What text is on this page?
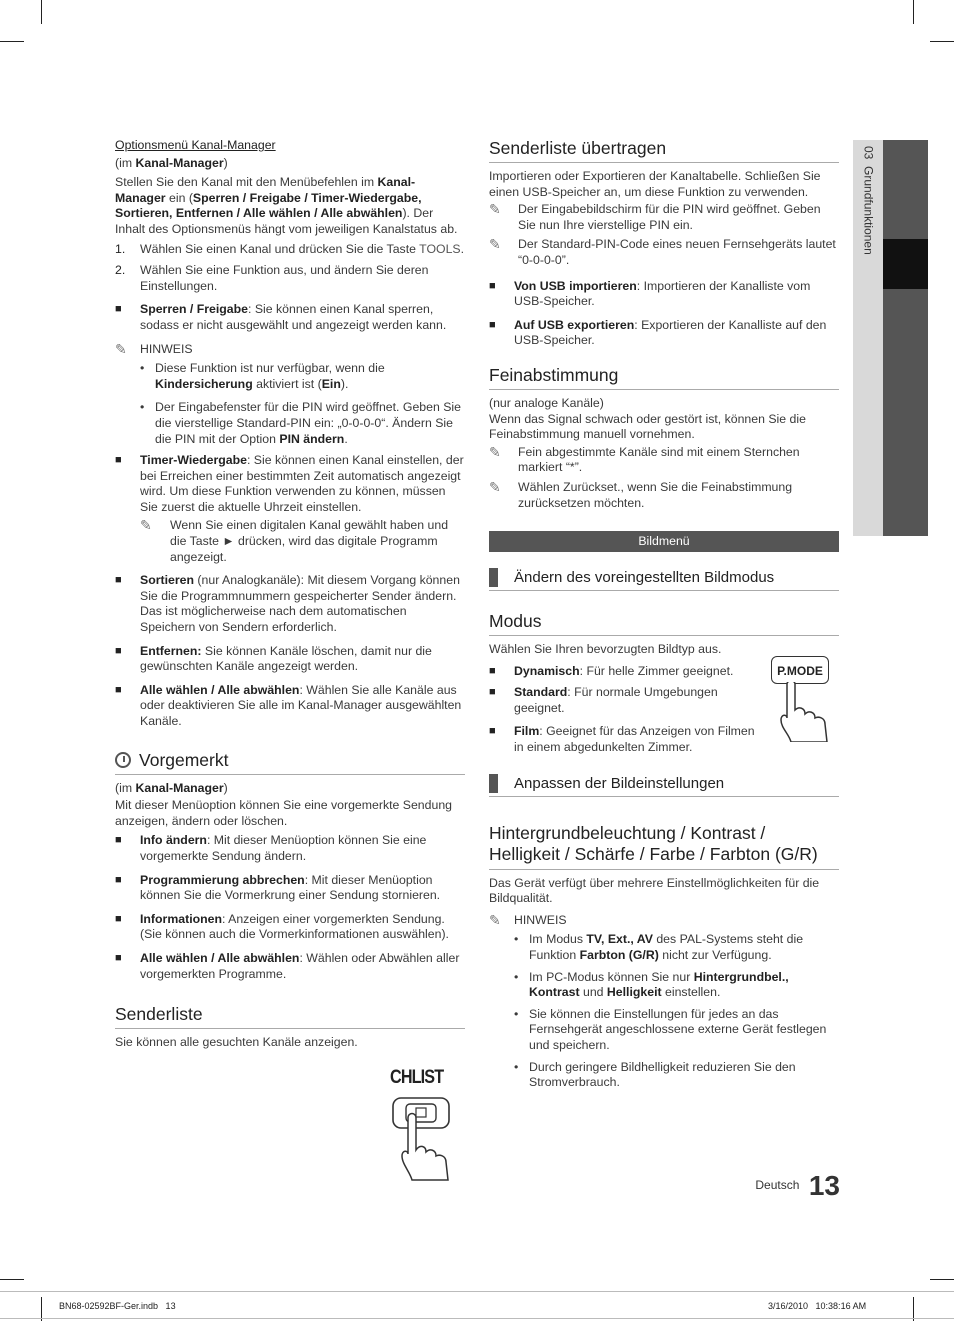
03  Grundfunktionen

Optionsmenü Kanal-Manager

(im Kanal-Manager)

Stellen Sie den Kanal mit den Menübefehlen im Kanal-Manager ein (Sperren / Freigabe / Timer-Wiedergabe, Sortieren, Entfernen / Alle wählen / Alle abwählen). Der Inhalt des Optionsmenüs hängt vom jeweiligen Kanalstatus ab.

1.	Wählen Sie einen Kanal und drücken Sie die Taste TOOLS.
2.	Wählen Sie eine Funktion aus, und ändern Sie deren Einstellungen.
■	Sperren / Freigabe: Sie können einen Kanal sperren, sodass er nicht ausgewählt und angezeigt werden kann.
✎	HINWEIS
• Diese Funktion ist nur verfügbar, wenn die Kindersicherung aktiviert ist (Ein).
• Der Eingabefenster für die PIN wird geöffnet. Geben Sie die vierstellige Standard-PIN ein: „0-0-0-0“. Ändern Sie die PIN mit der Option PIN ändern.
■	Timer-Wiedergabe: Sie können einen Kanal einstellen, der bei Erreichen einer bestimmten Zeit automatisch angezeigt wird. Um diese Funktion verwenden zu können, müssen Sie zuerst die aktuelle Uhrzeit einstellen.
✎	Wenn Sie einen digitalen Kanal gewählt haben und die Taste ► drücken, wird das digitale Programm angezeigt.
■	Sortieren (nur Analogkanäle): Mit diesem Vorgang können Sie die Programmnummern gespeicherter Sender ändern. Das ist möglicherweise nach dem automatischen Speichern von Sendern erforderlich.
■	Entfernen: Sie können Kanäle löschen, damit nur die gewünschten Kanäle angezeigt werden.
■	Alle wählen / Alle abwählen: Wählen Sie alle Kanäle aus oder deaktivieren Sie alle im Kanal-Manager ausgewählten Kanäle.
Vorgemerkt

(im Kanal-Manager)

Mit dieser Menüoption können Sie eine vorgemerkte Sendung anzeigen, ändern oder löschen.

■	Info ändern: Mit dieser Menüoption können Sie eine vorgemerkte Sendung ändern.
■	Programmierung abbrechen: Mit dieser Menüoption können Sie die Vormerkrung einer Sendung stornieren.
■	Informationen: Anzeigen einer vorgemerkten Sendung. (Sie können auch die Vormerkinformationen auswählen).
■	Alle wählen / Alle abwählen: Wählen oder Abwählen aller vorgemerkten Programme.
Senderliste

Sie können alle gesuchten Kanäle anzeigen.

CHLIST
Senderliste übertragen

Importieren oder Exportieren der Kanaltabelle. Schließen Sie einen USB-Speicher an, um diese Funktion zu verwenden.

✎	Der Eingabebildschirm für die PIN wird geöffnet. Geben Sie nun Ihre vierstellige PIN ein.
✎	Der Standard-PIN-Code eines neuen Fernsehgeräts lautet “0-0-0-0”.
■	Von USB importieren: Importieren der Kanalliste vom USB-Speicher.
■	Auf USB exportieren: Exportieren der Kanalliste auf den USB-Speicher.
Feinabstimmung

(nur analoge Kanäle)

Wenn das Signal schwach oder gestört ist, können Sie die Feinabstimmung manuell vornehmen.

✎	Fein abgestimmte Kanäle sind mit einem Sternchen markiert “*”.
✎	Wählen Zurückset., wenn Sie die Feinabstimmung zurücksetzen möchten.
Bildmenü
Ändern des voreingestellten Bildmodus
Modus

Wählen Sie Ihren bevorzugten Bildtyp aus.

■	Dynamisch: Für helle Zimmer geeignet.
■	Standard: Für normale Umgebungen geeignet.
■	Film: Geeignet für das Anzeigen von Filmen in einem abgedunkelten Zimmer.
Anpassen der Bildeinstellungen
Hintergrundbeleuchtung / Kontrast / Helligkeit / Schärfe / Farbe / Farbton (G/R)

Das Gerät verfügt über mehrere Einstellmöglichkeiten für die Bildqualität.

✎	HINWEIS
• Im Modus TV, Ext., AV des PAL-Systems steht die Funktion Farbton (G/R) nicht zur Verfügung.
• Im PC-Modus können Sie nur Hintergrundbel., Kontrast und Helligkeit einstellen.
• Sie können die Einstellungen für jedes an das Fernsehgerät angeschlossene externe Gerät festlegen und speichern.
• Durch geringere Bildhelligkeit reduzieren Sie den Stromverbrauch.
P.MODE
Deutsch 13
BN68-02592BF-Ger.indb   13	3/16/2010   10:38:16 AM
